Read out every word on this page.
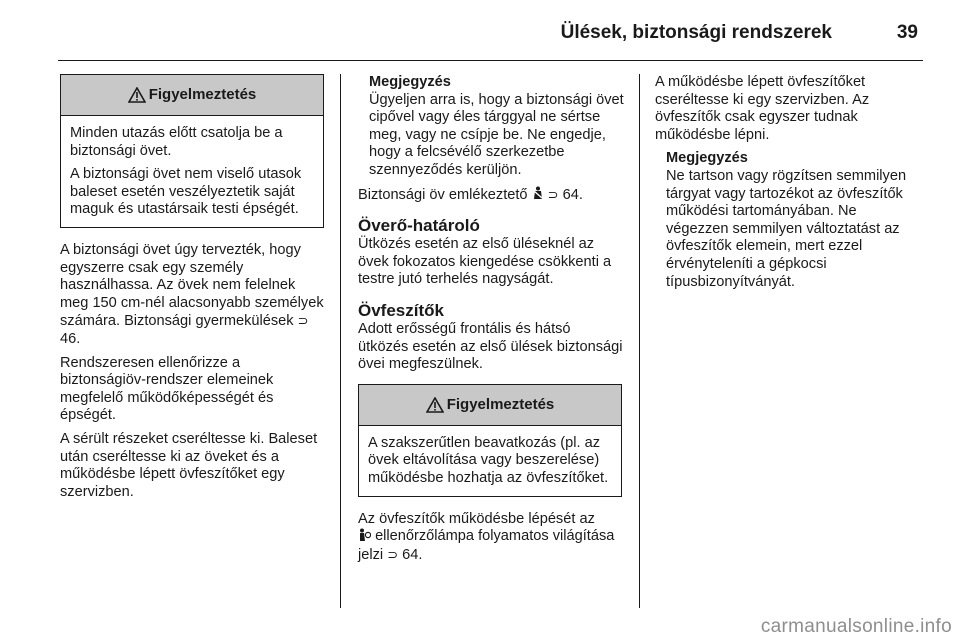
Ülések, biztonsági rendszerek	39
Figyelmeztetés

Minden utazás előtt csatolja be a biztonsági övet.

A biztonsági övet nem viselő utasok baleset esetén veszélyeztetik saját maguk és utastársaik testi épségét.

A biztonsági övet úgy tervezték, hogy egyszerre csak egy személy használhassa. Az övek nem felelnek meg 150 cm-nél alacsonyabb személyek számára. Biztonsági gyermekülések ⊃ 46.

Rendszeresen ellenőrizze a biztonságiöv-rendszer elemeinek megfelelő működőképességét és épségét.

A sérült részeket cseréltesse ki. Baleset után cseréltesse ki az öveket és a működésbe lépett övfeszítőket egy szervizben.

Megjegyzés
Ügyeljen arra is, hogy a biztonsági övet cipővel vagy éles tárggyal ne sértse meg, vagy ne csípje be. Ne engedje, hogy a felcsévélő szerkezetbe szennyeződés kerüljön.

Biztonsági öv emlékeztető ⊃ 64.

Överő-határoló

Ütközés esetén az első üléseknél az övek fokozatos kiengedése csökkenti a testre jutó terhelés nagyságát.

Övfeszítők

Adott erősségű frontális és hátsó ütközés esetén az első ülések biztonsági övei megfeszülnek.

Figyelmeztetés

A szakszerűtlen beavatkozás (pl. az övek eltávolítása vagy beszerelése) működésbe hozhatja az övfeszítőket.

Az övfeszítők működésbe lépését az
ellenőrzőlámpa folyamatos világítása jelzi ⊃ 64.

A működésbe lépett övfeszítőket cseréltesse ki egy szervizben. Az övfeszítők csak egyszer tudnak működésbe lépni.

Megjegyzés
Ne tartson vagy rögzítsen semmilyen tárgyat vagy tartozékot az övfeszítők működési tartományában. Ne végezzen semmilyen változtatást az övfeszítők elemein, mert ezzel érvényteleníti a gépkocsi típusbizonyítványát.
carmanualsonline.info
